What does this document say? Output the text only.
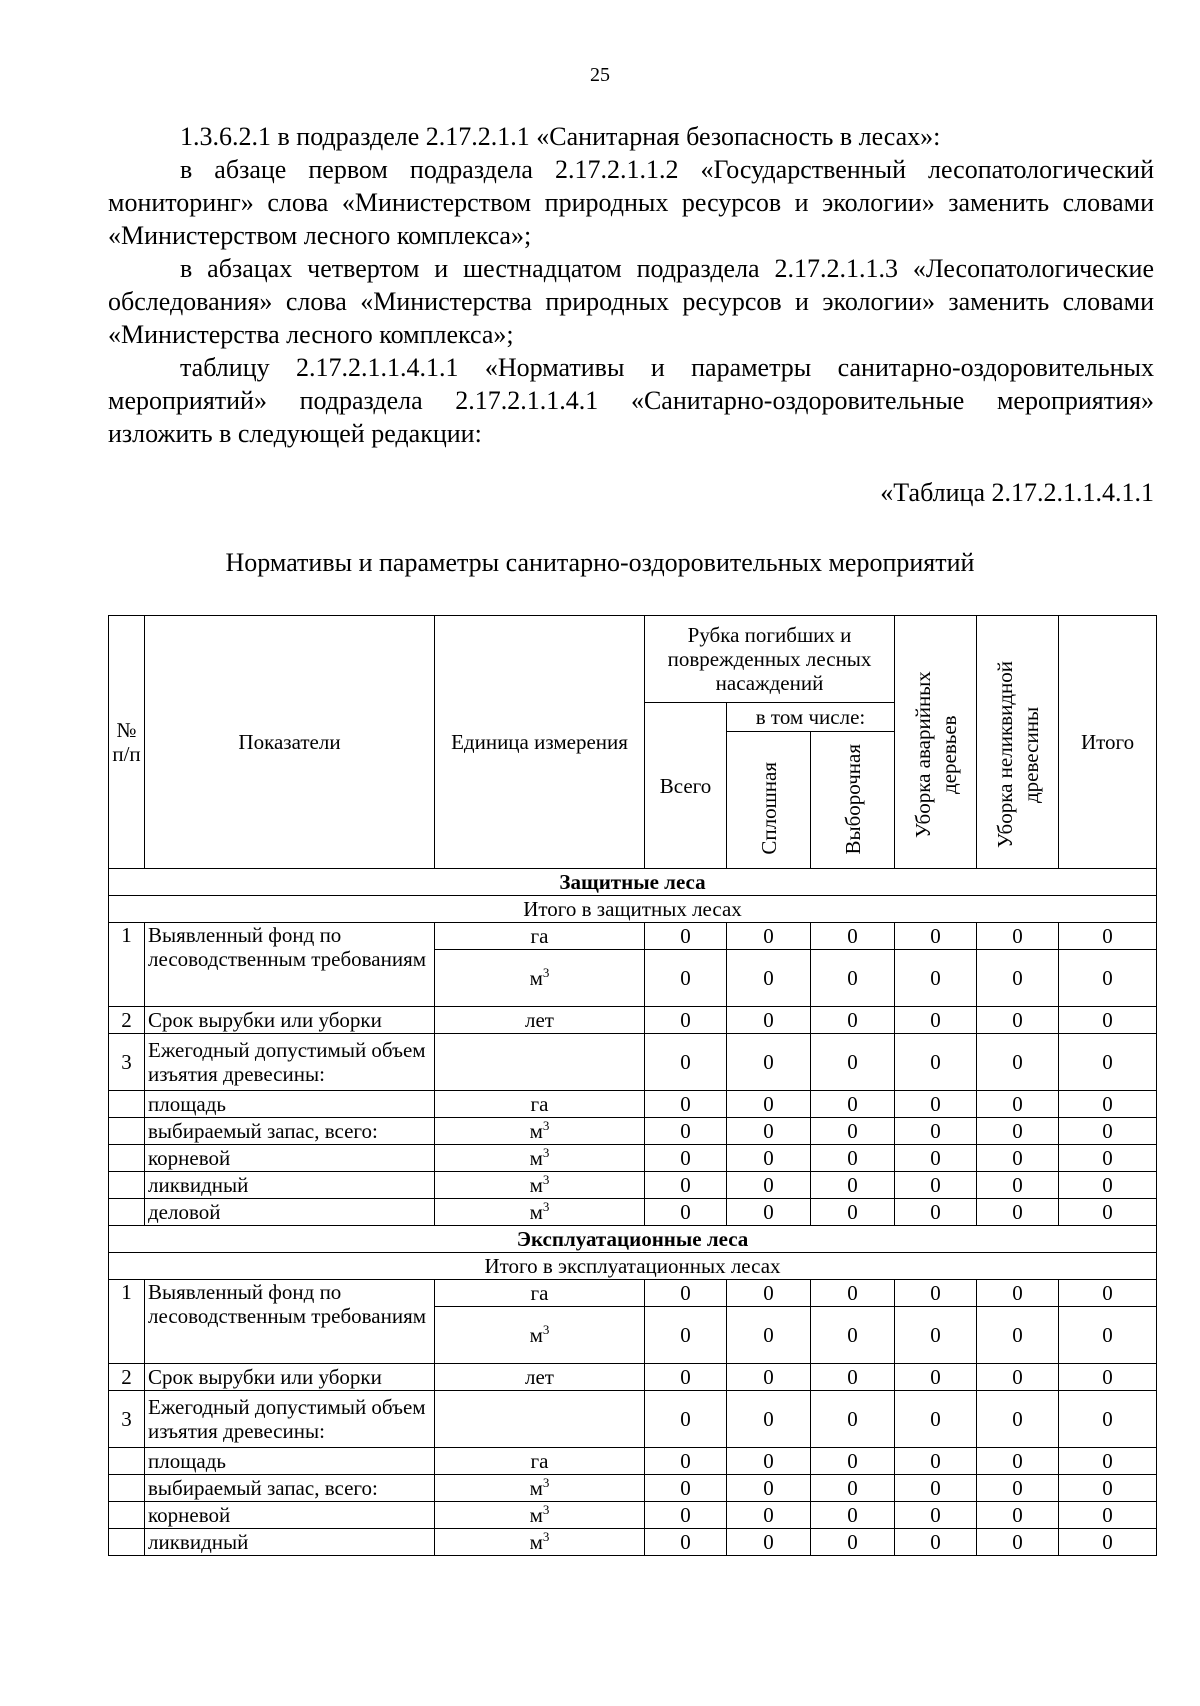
25

1.3.6.2.1 в подразделе 2.17.2.1.1 «Санитарная безопасность в лесах»:

в абзаце первом подраздела 2.17.2.1.1.2 «Государственный лесопатологический мониторинг» слова «Министерством природных ресурсов и экологии» заменить словами «Министерством лесного комплекса»;

в абзацах четвертом и шестнадцатом подраздела 2.17.2.1.1.3 «Лесопатологические обследования» слова «Министерства природных ресурсов и экологии» заменить словами «Министерства лесного комплекса»;

таблицу 2.17.2.1.1.4.1.1 «Нормативы и параметры санитарно-оздоровительных мероприятий» подраздела 2.17.2.1.1.4.1 «Санитарно-оздоровительные мероприятия» изложить в следующей редакции:

«Таблица 2.17.2.1.1.4.1.1
Нормативы и параметры санитарно-оздоровительных мероприятий
№ п/п	Показатели	Единица измерения	Рубка погибших и поврежденных лесных насаждений			Уборка аварийных деревьев	Уборка неликвидной древесины	Итого
			Всего	в том числе:				
				Сплошная	Выборочная			
Защитные леса								
Итого в защитных лесах								
1	Выявленный фонд по лесоводственным требованиям	га	0	0	0	0	0	0
		$м^3$	0	0	0	0	0	0
2	Срок вырубки или уборки	лет	0	0	0	0	0	0
3	Ежегодный допустимый объем изъятия древесины:		0	0	0	0	0	0
	площадь	га	0	0	0	0	0	0
	выбираемый запас, всего:	$м^3$	0	0	0	0	0	0
	корневой	$м^3$	0	0	0	0	0	0
	ликвидный	$м^3$	0	0	0	0	0	0
	деловой	$м^3$	0	0	0	0	0	0
Эксплуатационные леса								
Итого в эксплуатационных лесах								
1	Выявленный фонд по лесоводственным требованиям	га	0	0	0	0	0	0
		$м^3$	0	0	0	0	0	0
2	Срок вырубки или уборки	лет	0	0	0	0	0	0
3	Ежегодный допустимый объем изъятия древесины:		0	0	0	0	0	0
	площадь	га	0	0	0	0	0	0
	выбираемый запас, всего:	$м^3$	0	0	0	0	0	0
	корневой	$м^3$	0	0	0	0	0	0
	ликвидный	$м^3$	0	0	0	0	0	0
